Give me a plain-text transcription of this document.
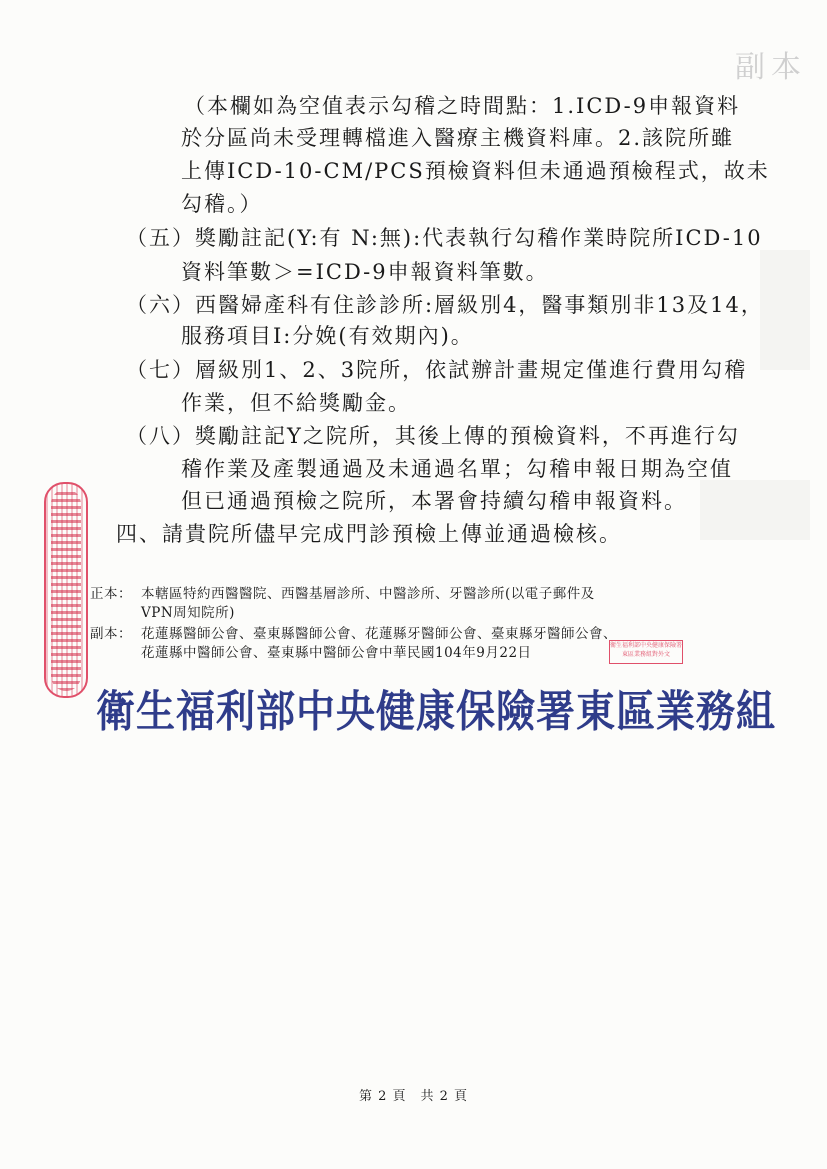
副本
（本欄如為空值表示勾稽之時間點：1.ICD-9申報資料
於分區尚未受理轉檔進入醫療主機資料庫。2.該院所雖
上傳ICD-10-CM/PCS預檢資料但未通過預檢程式，故未
勾稽。）
（五）獎勵註記(Y:有 N:無):代表執行勾稽作業時院所ICD-10
資料筆數＞=ICD-9申報資料筆數。
（六）西醫婦產科有住診診所:層級別4，醫事類別非13及14，
服務項目I:分娩(有效期內)。
（七）層級別1、2、3院所，依試辦計畫規定僅進行費用勾稽
作業，但不給獎勵金。
（八）獎勵註記Y之院所，其後上傳的預檢資料，不再進行勾
稽作業及產製通過及未通過名單；勾稽申報日期為空值
但已通過預檢之院所，本署會持續勾稽申報資料。
四、請貴院所儘早完成門診預檢上傳並通過檢核。
正本： 本轄區特約西醫醫院、西醫基層診所、中醫診所、牙醫診所(以電子郵件及
VPN周知院所)
副本： 花蓮縣醫師公會、臺東縣醫師公會、花蓮縣牙醫師公會、臺東縣牙醫師公會、
花蓮縣中醫師公會、臺東縣中醫師公會中華民國104年9月22日	衛生福利部中央健康保險署東區業務組對外文
衛生福利部中央健康保險署東區業務組
第 2 頁　共 2 頁
